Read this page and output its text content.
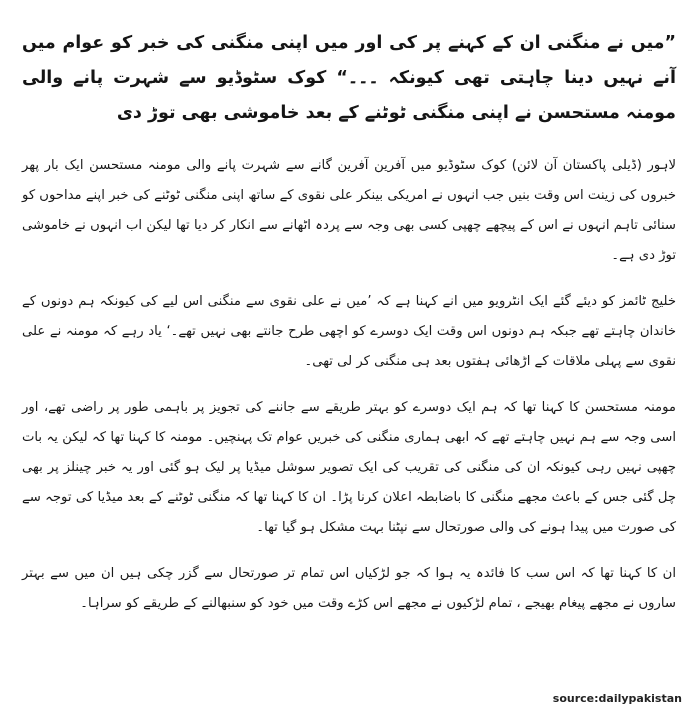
”میں نے منگنی ان کے کہنے پر کی اور میں اپنی منگنی کی خبر کو عوام میں آنے نہیں دینا چاہتی تھی کیونکہ ۔۔۔“ کوک سٹوڈیو سے شہرت پانے والی مومنہ مستحسن نے اپنی منگنی ٹوٹنے کے بعد خاموشی بھی توڑ دی

لاہور (ڈیلی پاکستان آن لائن) کوک سٹوڈیو میں آفرین آفرین گانے سے شہرت پانے والی مومنہ مستحسن ایک بار پھر خبروں کی زینت اس وقت بنیں جب انہوں نے امریکی بینکر علی نقوی کے ساتھ اپنی منگنی ٹوٹنے کی خبر اپنے مداحوں کو سنائی تاہم انہوں نے اس کے پیچھے چھپی کسی بھی وجہ سے پردہ اٹھانے سے انکار کر دیا تھا لیکن اب انہوں نے خاموشی توڑ دی ہے۔

خلیج ٹائمز کو دیئے گئے ایک انٹرویو میں انے کہنا ہے کہ ’میں نے علی نقوی سے منگنی اس لیے کی کیونکہ ہم دونوں کے خاندان چاہتے تھے جبکہ ہم دونوں اس وقت ایک دوسرے کو اچھی طرح جانتے بھی نہیں تھے۔‘ یاد رہے کہ مومنہ نے علی نقوی سے پہلی ملاقات کے اڑھائی ہفتوں بعد ہی منگنی کر لی تھی۔

مومنہ مستحسن کا کہنا تھا کہ ہم ایک دوسرے کو بہتر طریقے سے جاننے کی تجویز پر باہمی طور پر راضی تھے، اور اسی وجہ سے ہم نہیں چاہتے تھے کہ ابھی ہماری منگنی کی خبریں عوام تک پہنچیں۔ مومنہ کا کہنا تھا کہ لیکن یہ بات چھپی نہیں رہی کیونکہ ان کی منگنی کی تقریب کی ایک تصویر سوشل میڈیا پر لیک ہو گئی اور یہ خبر چینلز پر بھی چل گئی جس کے باعث مجھے منگنی کا باضابطہ اعلان کرنا پڑا۔ ان کا کہنا تھا کہ منگنی ٹوٹنے کے بعد میڈیا کی توجہ سے کی صورت میں پیدا ہونے کی والی صورتحال سے نپٹنا بہت مشکل ہو گیا تھا۔

ان کا کہنا تھا کہ اس سب کا فائدہ یہ ہوا کہ جو لڑکیاں اس تمام تر صورتحال سے گزر چکی ہیں ان میں سے بہتر ساروں نے مجھے پیغام بھیجے ، تمام لڑکیوں نے مجھے اس کڑے وقت میں خود کو سنبھالنے کے طریقے کو سراہا۔

source:dailypakistan
